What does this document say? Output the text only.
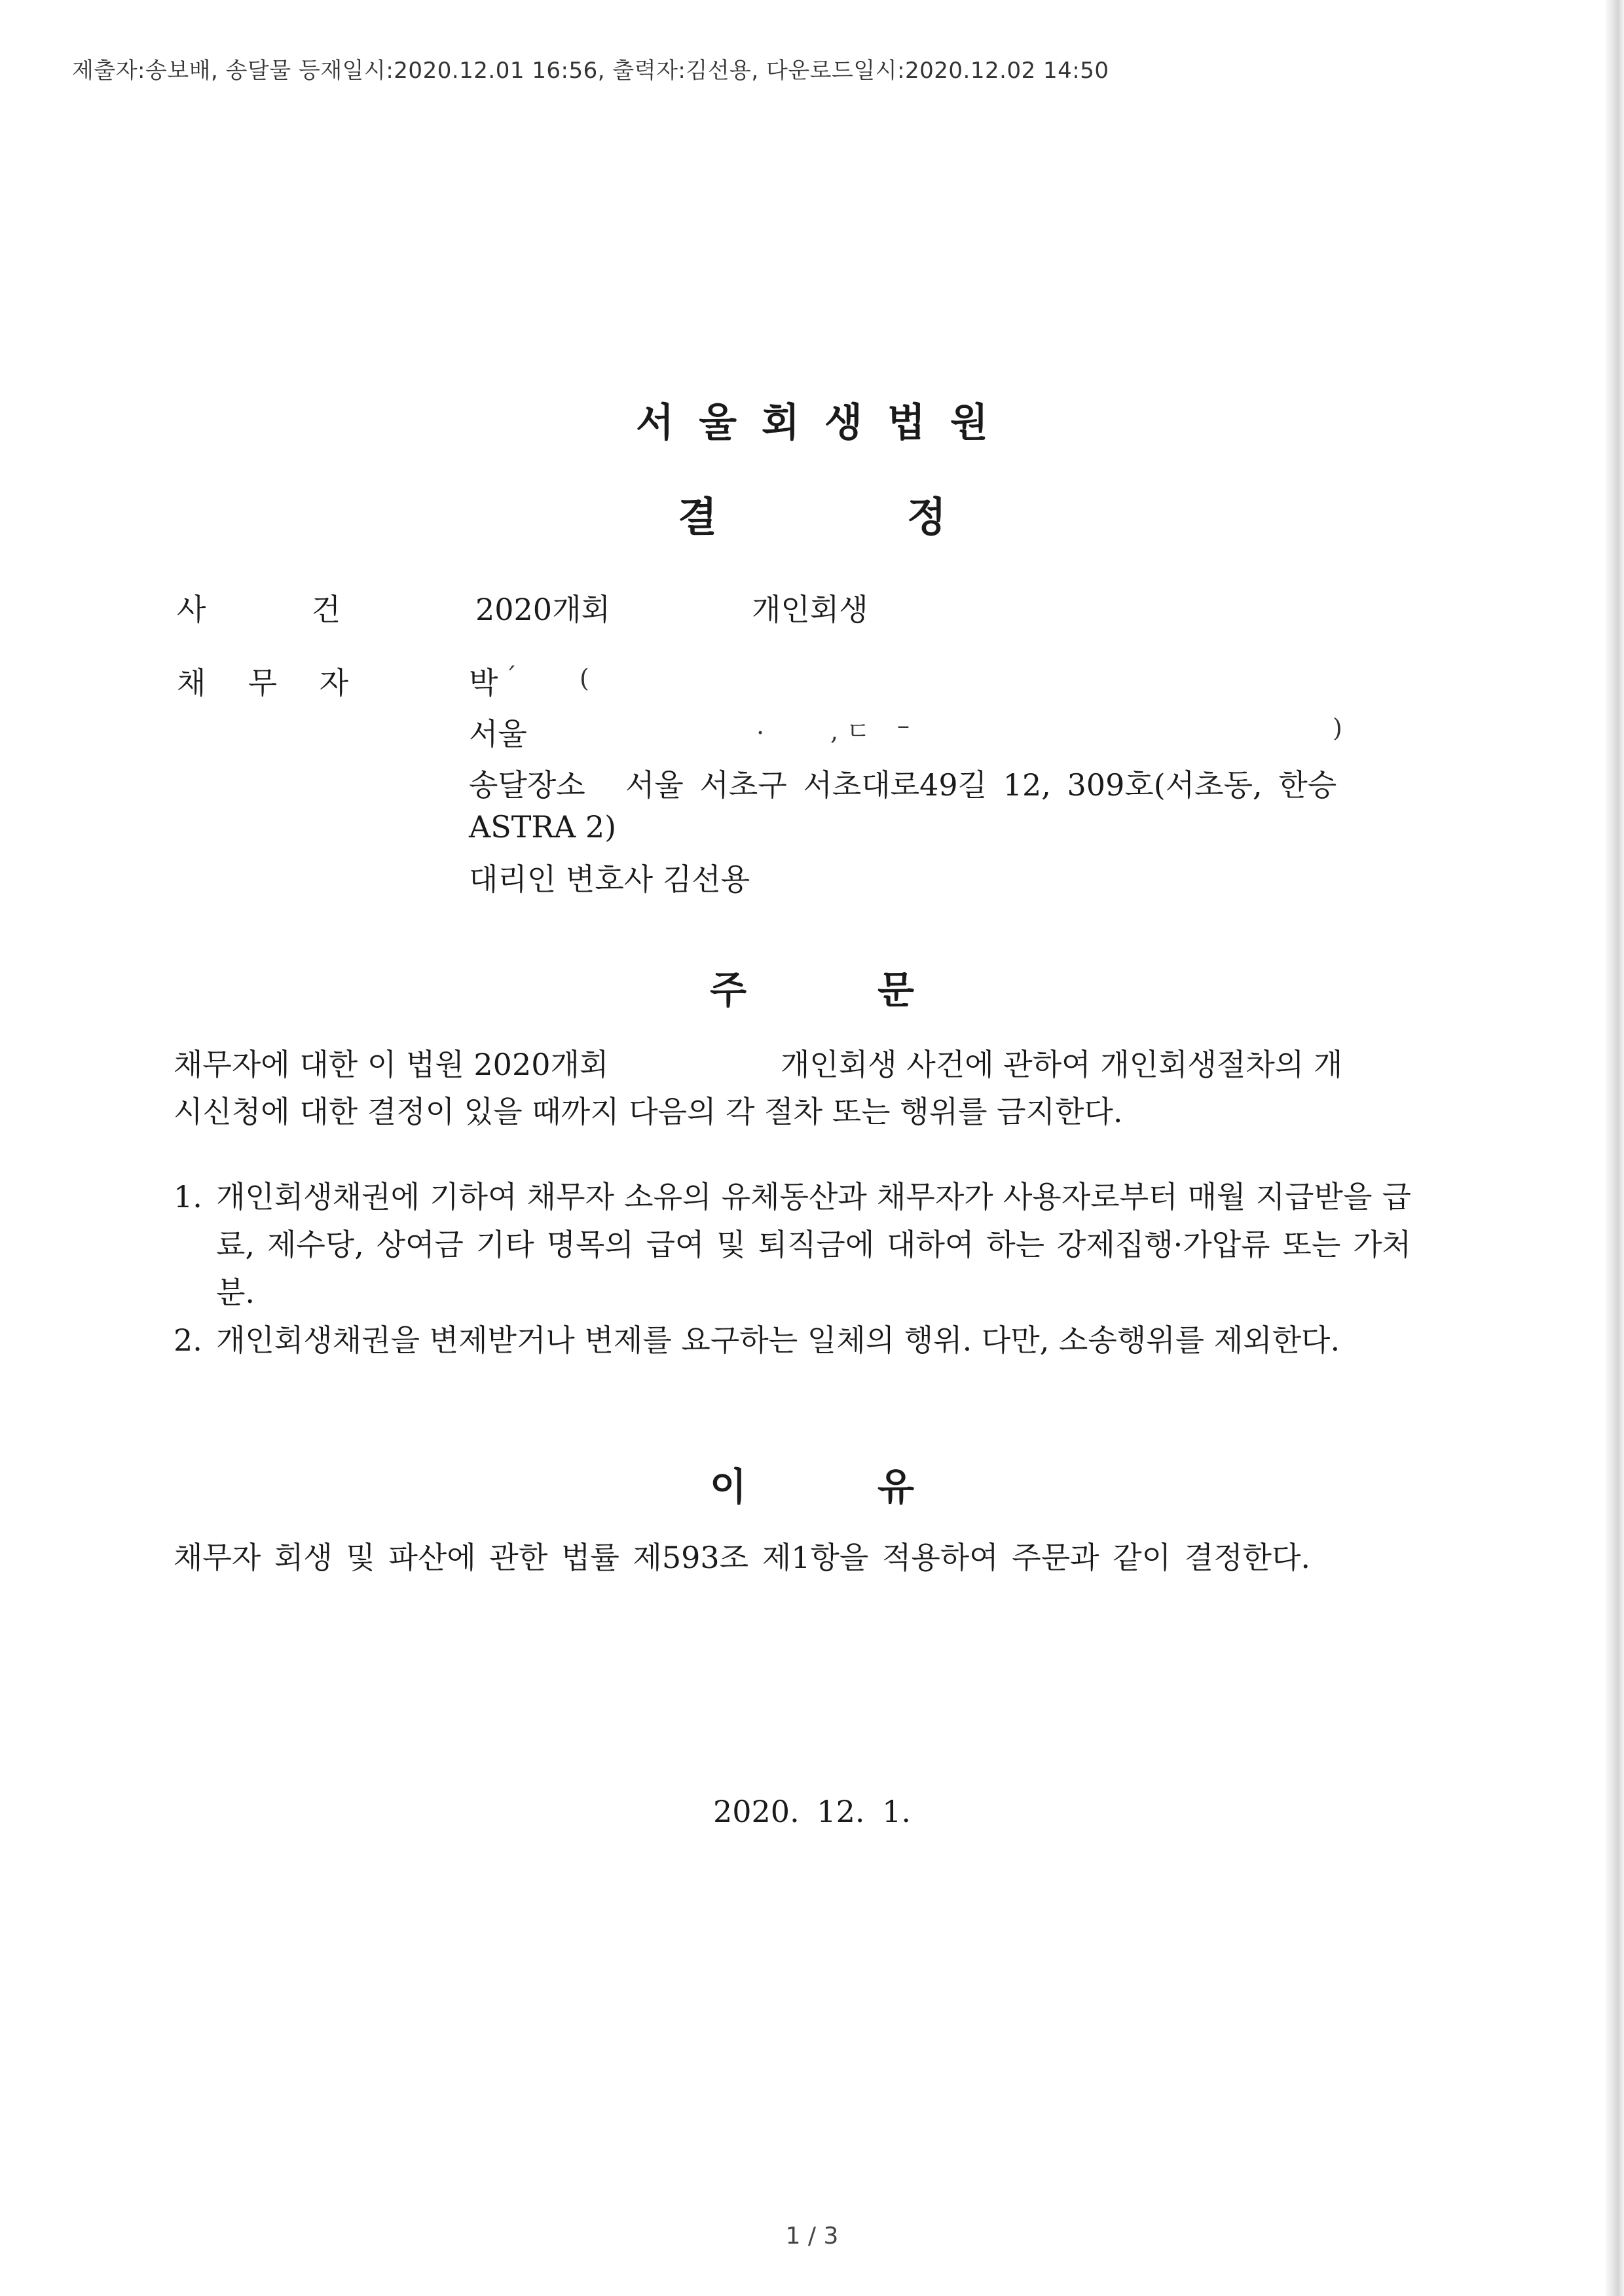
제출자:송보배, 송달물 등재일시:2020.12.01 16:56, 출력자:김선용, 다운로드일시:2020.12.02 14:50
서울회생법원
결정
사	건	2020개회	개인회생
채 무 자	박 ˊ	(
서울	.	, ㄷ –	)
송달장소 서울 서초구 서초대로49길 12, 309호(서초동, 한승
ASTRA 2)
대리인 변호사 김선용
주문
채무자에 대한 이 법원 2020개회	개인회생 사건에 관하여 개인회생절차의 개
시신청에 대한 결정이 있을 때까지 다음의 각 절차 또는 행위를 금지한다.
1. 개인회생채권에 기하여 채무자 소유의 유체동산과 채무자가 사용자로부터 매월 지급받을 급료, 제수당, 상여금 기타 명목의 급여 및 퇴직금에 대하여 하는 강제집행·가압류 또는 가처분.
2. 개인회생채권을 변제받거나 변제를 요구하는 일체의 행위. 다만, 소송행위를 제외한다.
이유
채무자 회생 및 파산에 관한 법률 제593조 제1항을 적용하여 주문과 같이 결정한다.
2020. 12. 1.
1 / 3
